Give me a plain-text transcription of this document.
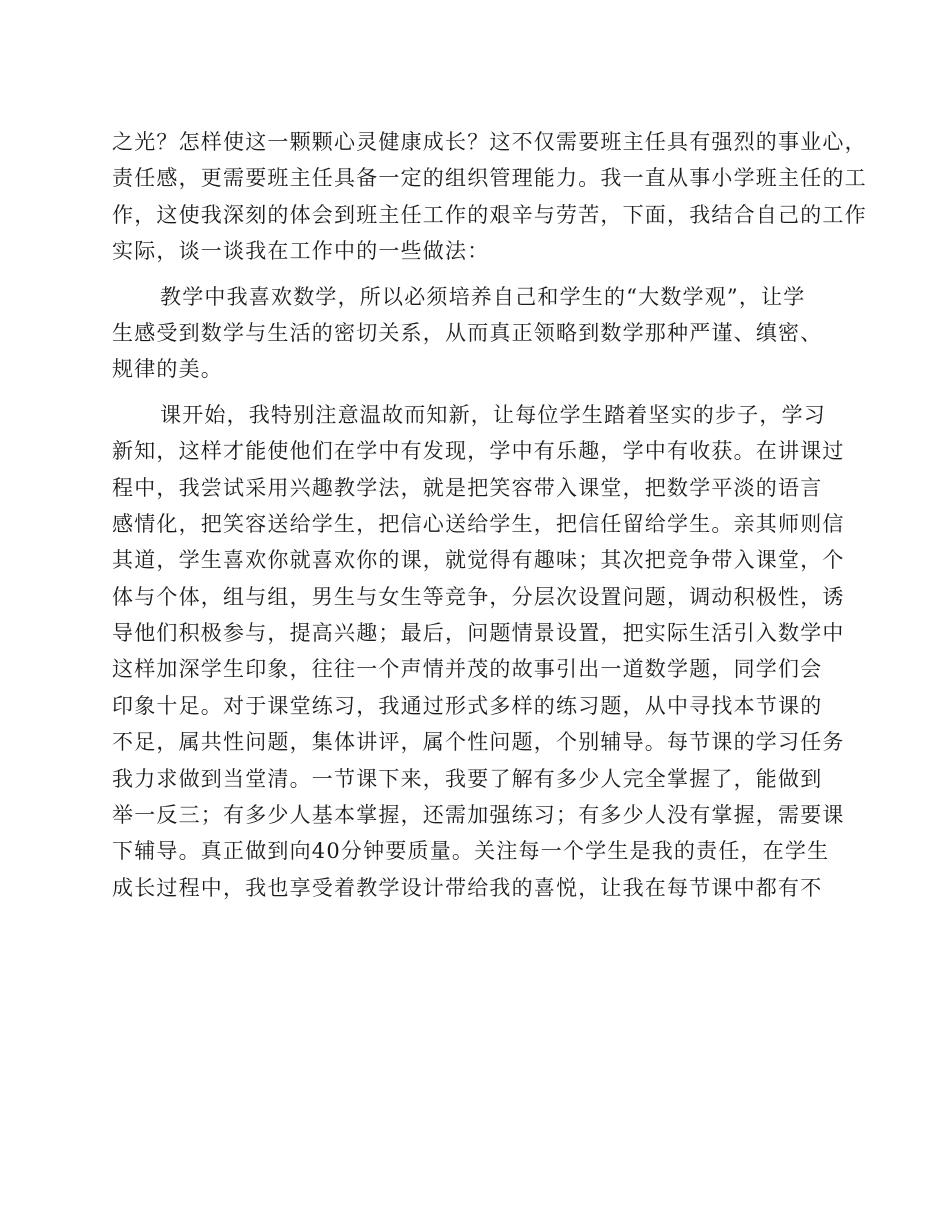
之光？怎样使这一颗颗心灵健康成长？这不仅需要班主任具有强烈的事业心，
责任感，更需要班主任具备一定的组织管理能力。我一直从事小学班主任的工
作，这使我深刻的体会到班主任工作的艰辛与劳苦，下面，我结合自己的工作
实际，谈一谈我在工作中的一些做法：
教学中我喜欢数学，所以必须培养自己和学生的“大数学观”，让学
生感受到数学与生活的密切关系，从而真正领略到数学那种严谨、缜密、
规律的美。
课开始，我特别注意温故而知新，让每位学生踏着坚实的步子，学习
新知，这样才能使他们在学中有发现，学中有乐趣，学中有收获。在讲课过
程中，我尝试采用兴趣教学法，就是把笑容带入课堂，把数学平淡的语言
感情化，把笑容送给学生，把信心送给学生，把信任留给学生。亲其师则信
其道，学生喜欢你就喜欢你的课，就觉得有趣味；其次把竞争带入课堂，个
体与个体，组与组，男生与女生等竞争，分层次设置问题，调动积极性，诱
导他们积极参与，提高兴趣；最后，问题情景设置，把实际生活引入数学中
这样加深学生印象，往往一个声情并茂的故事引出一道数学题，同学们会
印象十足。对于课堂练习，我通过形式多样的练习题，从中寻找本节课的
不足，属共性问题，集体讲评，属个性问题，个别辅导。每节课的学习任务
我力求做到当堂清。一节课下来，我要了解有多少人完全掌握了，能做到
举一反三；有多少人基本掌握，还需加强练习；有多少人没有掌握，需要课
下辅导。真正做到向40分钟要质量。关注每一个学生是我的责任，在学生
成长过程中，我也享受着教学设计带给我的喜悦，让我在每节课中都有不
